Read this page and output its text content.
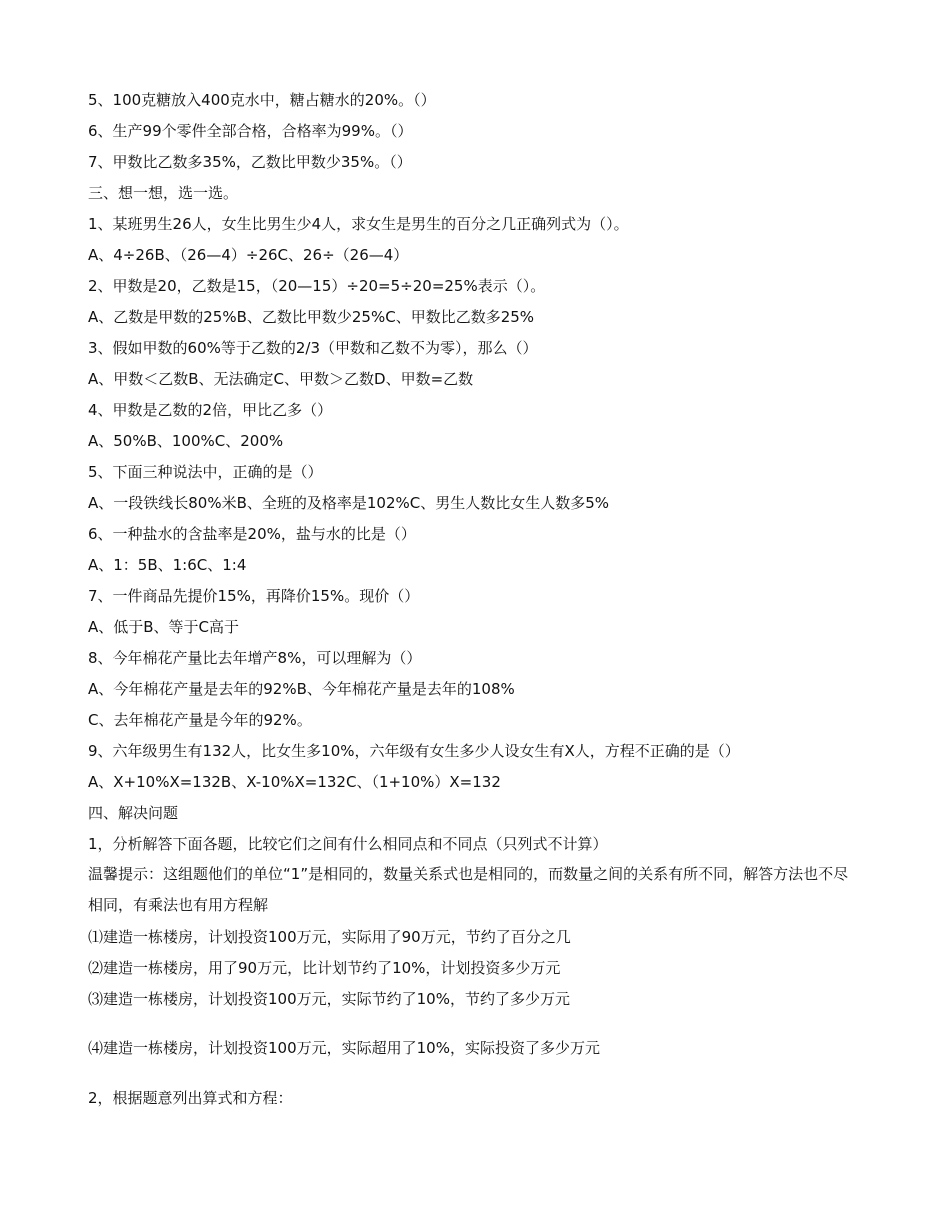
5、100克糖放入400克水中，糖占糖水的20%。（）
6、生产99个零件全部合格，合格率为99%。（）
7、甲数比乙数多35%，乙数比甲数少35%。（）
三、想一想，选一选。
1、某班男生26人，女生比男生少4人，求女生是男生的百分之几正确列式为（）。
A、4÷26B、（26—4）÷26C、26÷（26—4）
2、甲数是20，乙数是15，（20—15）÷20=5÷20=25%表示（）。
A、乙数是甲数的25%B、乙数比甲数少25%C、甲数比乙数多25%
3、假如甲数的60%等于乙数的2/3（甲数和乙数不为零），那么（）
A、甲数＜乙数B、无法确定C、甲数＞乙数D、甲数=乙数
4、甲数是乙数的2倍，甲比乙多（）
A、50%B、100%C、200%
5、下面三种说法中，正确的是（）
A、一段铁线长80%米B、全班的及格率是102%C、男生人数比女生人数多5%
6、一种盐水的含盐率是20%，盐与水的比是（）
A、1：5B、1:6C、1:4
7、一件商品先提价15%，再降价15%。现价（）
A、低于B、等于C高于
8、今年棉花产量比去年增产8%，可以理解为（）
A、今年棉花产量是去年的92%B、今年棉花产量是去年的108%
C、去年棉花产量是今年的92%。
9、六年级男生有132人，比女生多10%，六年级有女生多少人设女生有X人，方程不正确的是（）
A、X+10%X=132B、X-10%X=132C、（1+10%）X=132
四、解决问题
1，分析解答下面各题，比较它们之间有什么相同点和不同点（只列式不计算）
温馨提示：这组题他们的单位“1”是相同的，数量关系式也是相同的，而数量之间的关系有所不同，解答方法也不尽相同，有乘法也有用方程解
⑴建造一栋楼房，计划投资100万元，实际用了90万元，节约了百分之几
⑵建造一栋楼房，用了90万元，比计划节约了10%，计划投资多少万元
⑶建造一栋楼房，计划投资100万元，实际节约了10%，节约了多少万元
⑷建造一栋楼房，计划投资100万元，实际超用了10%，实际投资了多少万元
2，根据题意列出算式和方程：
